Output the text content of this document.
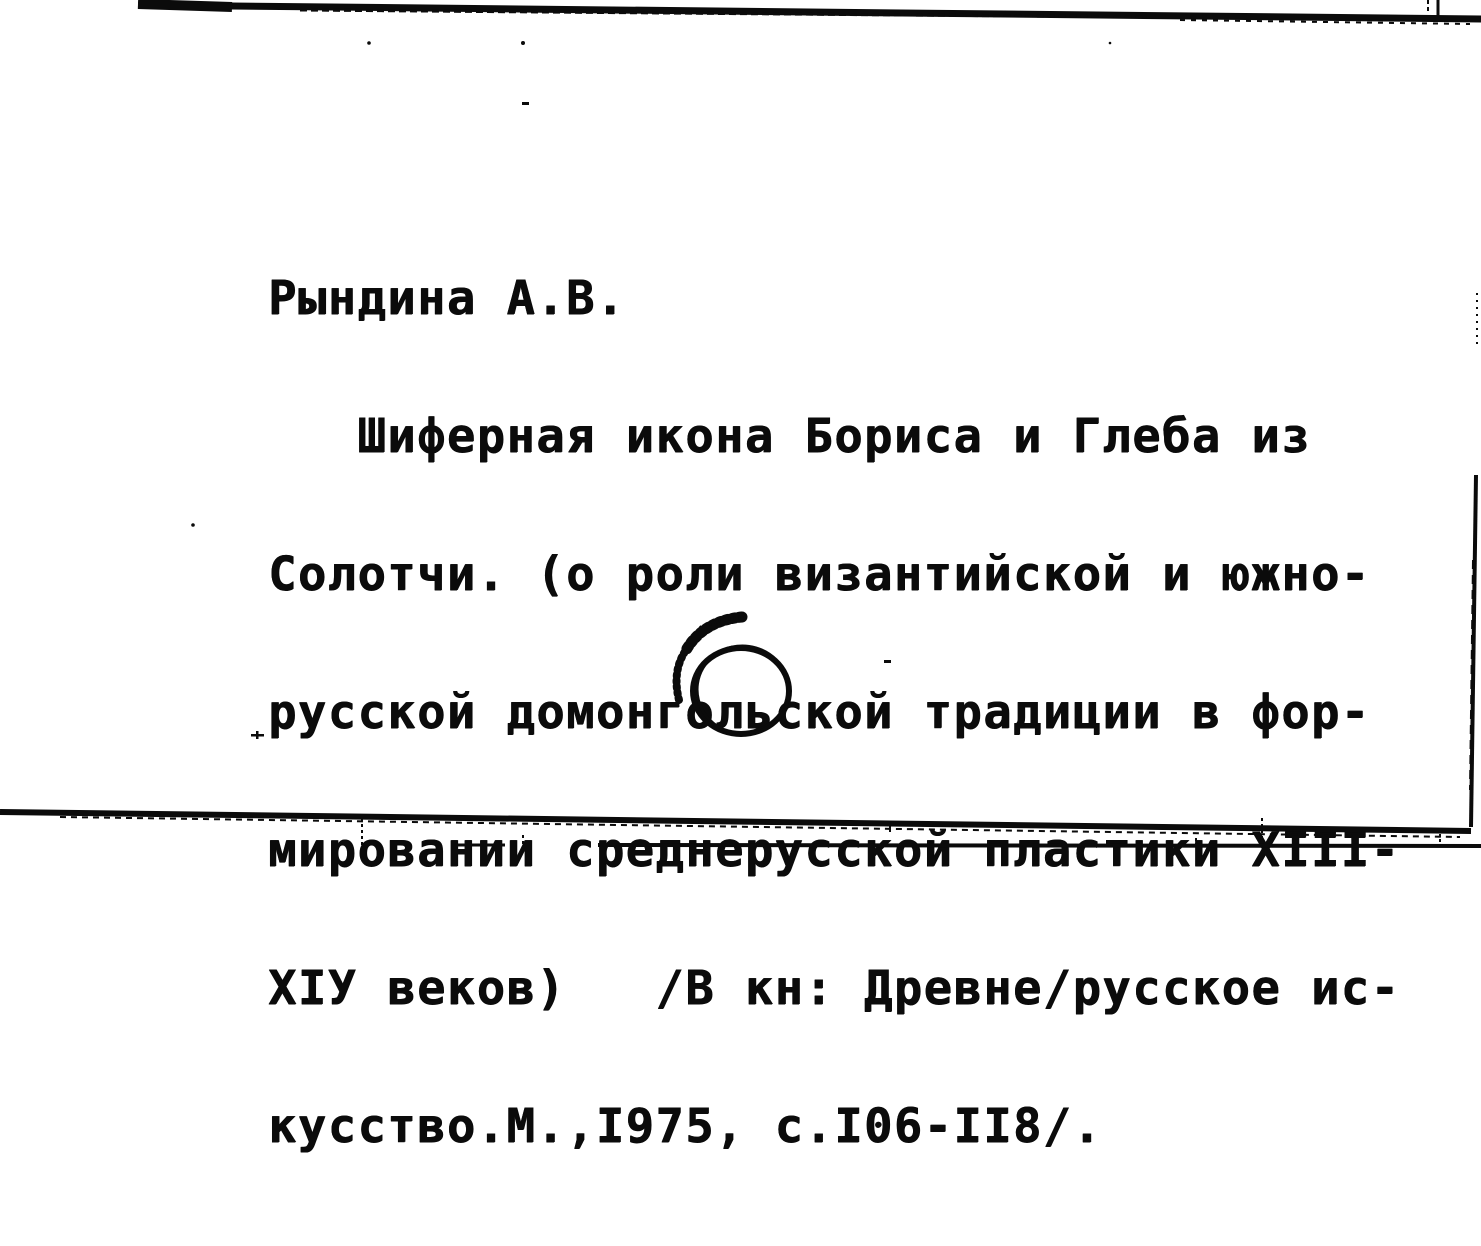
Рындина А.В.

Шиферная икона Бориса и Глеба из

Солотчи. (о роли византийской и южно-

русской домонгольской традиции в фор-

мировании среднерусской пластики XIII-

ХIУ веков)   /В кн: Древне/русское ис-

кусство.М.,I975, с.I06-II8/.
